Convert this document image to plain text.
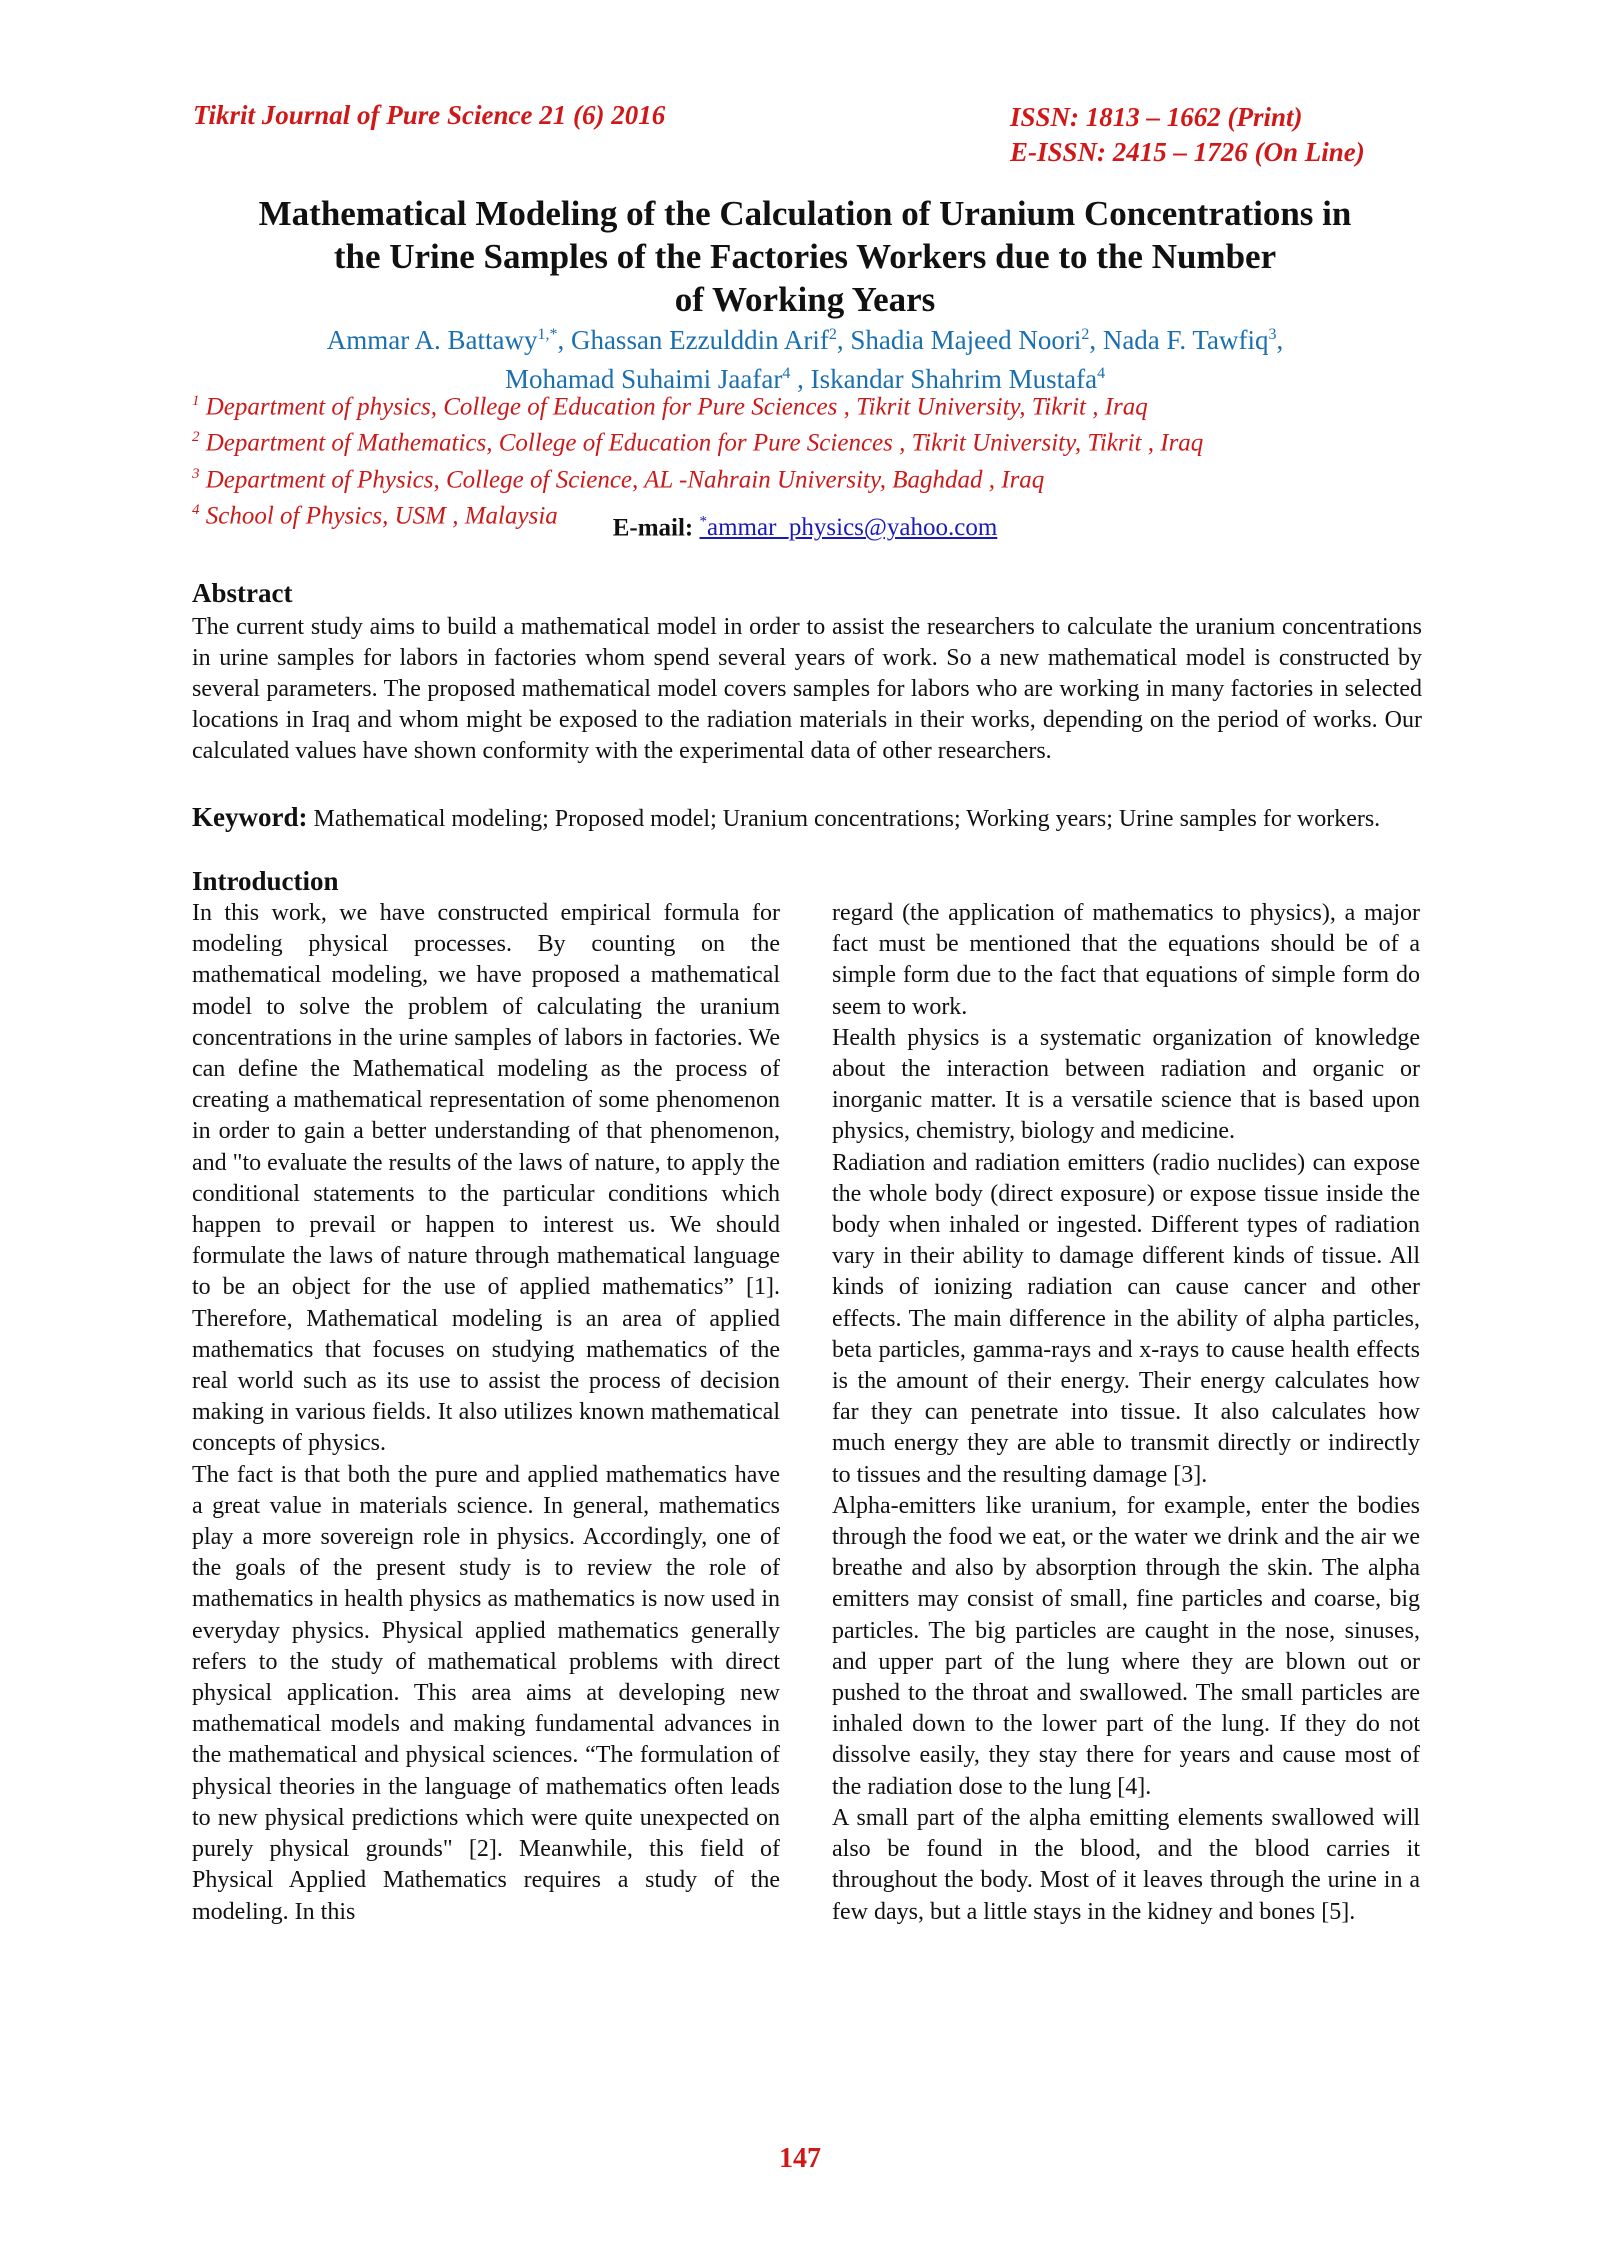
Tikrit Journal of Pure Science 21 (6) 2016	ISSN: 1813 – 1662 (Print)
E-ISSN: 2415 – 1726 (On Line)
Mathematical Modeling of the Calculation of Uranium Concentrations in
the Urine Samples of the Factories Workers due to the Number
of Working Years
Ammar A. Battawy$^{1,*}$, Ghassan Ezzulddin Arif$^2$, Shadia Majeed Noori$^2$, Nada F. Tawfiq$^3$,
Mohamad Suhaimi Jaafar$^4$ , Iskandar Shahrim Mustafa$^4$
$^1$ Department of physics, College of Education for Pure Sciences , Tikrit University, Tikrit , Iraq
$^2$ Department of Mathematics, College of Education for Pure Sciences , Tikrit University, Tikrit , Iraq
$^3$ Department of Physics, College of Science, AL -Nahrain University, Baghdad , Iraq
$^4$ School of Physics, USM , Malaysia	E-mail: *ammar_physics@yahoo.com
Abstract
The current study aims to build a mathematical model in order to assist the researchers to calculate the uranium concentrations in urine samples for labors in factories whom spend several years of work. So a new mathematical model is constructed by several parameters. The proposed mathematical model covers samples for labors who are working in many factories in selected locations in Iraq and whom might be exposed to the radiation materials in their works, depending on the period of works. Our calculated values have shown conformity with the experimental data of other researchers.
Keyword: Mathematical modeling; Proposed model; Uranium concentrations; Working years; Urine samples for workers.
Introduction

In this work, we have constructed empirical formula for modeling physical processes. By counting on the mathematical modeling, we have proposed a mathematical model to solve the problem of calculating the uranium concentrations in the urine samples of labors in factories. We can define the Mathematical modeling as the process of creating a mathematical representation of some phenomenon in order to gain a better understanding of that phenomenon, and "to evaluate the results of the laws of nature, to apply the conditional statements to the particular conditions which happen to prevail or happen to interest us. We should formulate the laws of nature through mathematical language to be an object for the use of applied mathematics” [1]. Therefore, Mathematical modeling is an area of applied mathematics that focuses on studying mathematics of the real world such as its use to assist the process of decision making in various fields. It also utilizes known mathematical concepts of physics.

The fact is that both the pure and applied mathematics have a great value in materials science. In general, mathematics play a more sovereign role in physics. Accordingly, one of the goals of the present study is to review the role of mathematics in health physics as mathematics is now used in everyday physics. Physical applied mathematics generally refers to the study of mathematical problems with direct physical application. This area aims at developing new mathematical models and making fundamental advances in the mathematical and physical sciences. “The formulation of physical theories in the language of mathematics often leads to new physical predictions which were quite unexpected on purely physical grounds" [2]. Meanwhile, this field of Physical Applied Mathematics requires a study of the modeling. In this

regard (the application of mathematics to physics), a major fact must be mentioned that the equations should be of a simple form due to the fact that equations of simple form do seem to work.

Health physics is a systematic organization of knowledge about the interaction between radiation and organic or inorganic matter. It is a versatile science that is based upon physics, chemistry, biology and medicine.

Radiation and radiation emitters (radio nuclides) can expose the whole body (direct exposure) or expose tissue inside the body when inhaled or ingested. Different types of radiation vary in their ability to damage different kinds of tissue. All kinds of ionizing radiation can cause cancer and other effects. The main difference in the ability of alpha particles, beta particles, gamma-rays and x-rays to cause health effects is the amount of their energy. Their energy calculates how far they can penetrate into tissue. It also calculates how much energy they are able to transmit directly or indirectly to tissues and the resulting damage [3].

Alpha-emitters like uranium, for example, enter the bodies through the food we eat, or the water we drink and the air we breathe and also by absorption through the skin. The alpha emitters may consist of small, fine particles and coarse, big particles. The big particles are caught in the nose, sinuses, and upper part of the lung where they are blown out or pushed to the throat and swallowed. The small particles are inhaled down to the lower part of the lung. If they do not dissolve easily, they stay there for years and cause most of the radiation dose to the lung [4].

A small part of the alpha emitting elements swallowed will also be found in the blood, and the blood carries it throughout the body. Most of it leaves through the urine in a few days, but a little stays in the kidney and bones [5].

147
